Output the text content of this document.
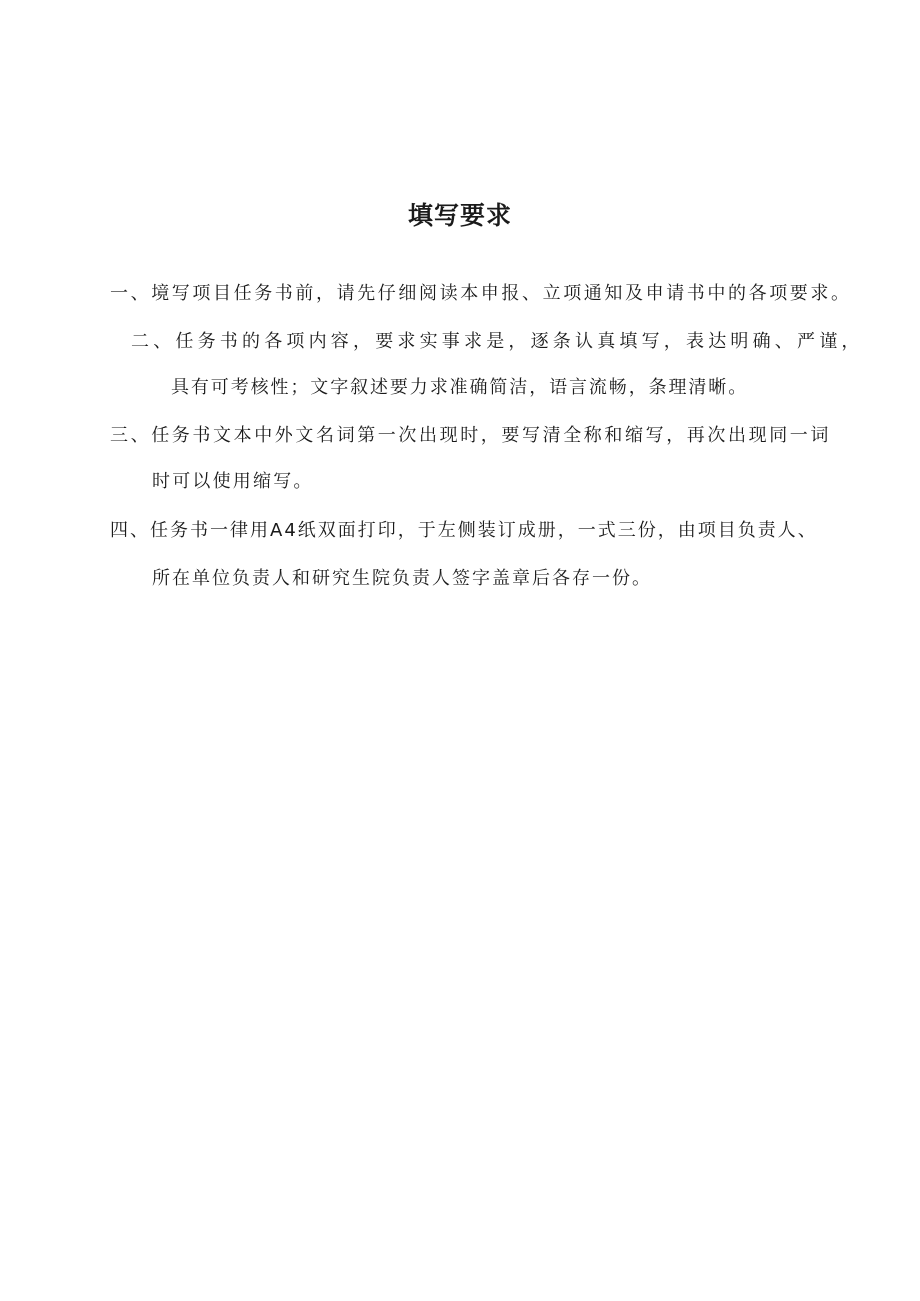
填写要求
一、境写项目任务书前，请先仔细阅读本申报、立项通知及申请书中的各项要求。
二、任务书的各项内容，要求实事求是，逐条认真填写，表达明确、严谨，
具有可考核性；文字叙述要力求准确简洁，语言流畅，条理清晰。
三、任务书文本中外文名词第一次出现时，要写清全称和缩写，再次出现同一词
时可以使用缩写。
四、任务书一律用A4纸双面打印，于左侧装订成册，一式三份，由项目负责人、
所在单位负责人和研究生院负责人签字盖章后各存一份。
